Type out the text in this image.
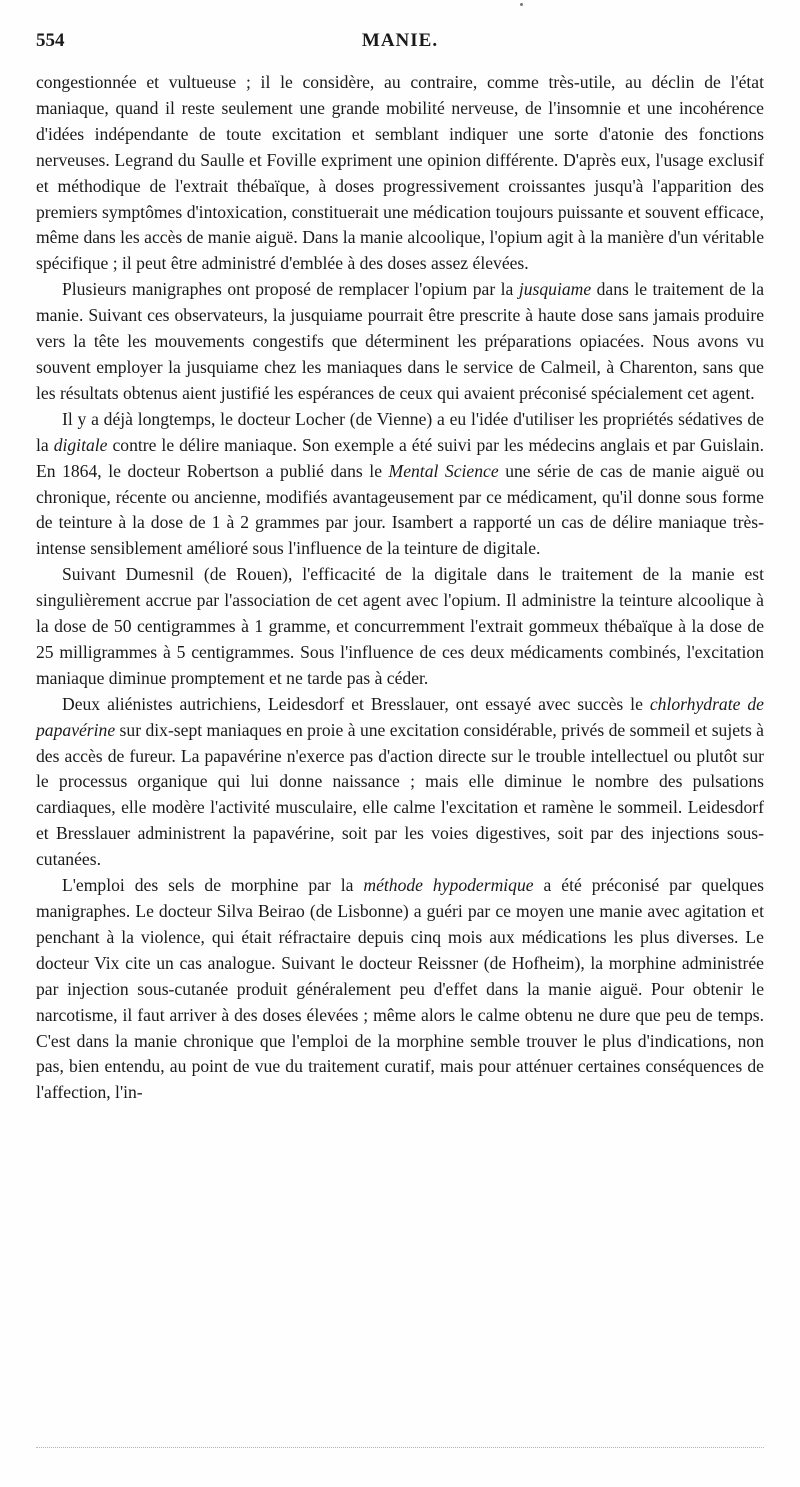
554	MANIE.

congestionnée et vultueuse ; il le considère, au contraire, comme très-utile, au déclin de l'état maniaque, quand il reste seulement une grande mobilité nerveuse, de l'insomnie et une incohérence d'idées indépendante de toute excitation et semblant indiquer une sorte d'atonie des fonctions nerveuses. Legrand du Saulle et Foville expriment une opinion différente. D'après eux, l'usage exclusif et méthodique de l'extrait thébaïque, à doses progressivement croissantes jusqu'à l'apparition des premiers symptômes d'intoxication, constituerait une médication toujours puissante et souvent efficace, même dans les accès de manie aiguë. Dans la manie alcoolique, l'opium agit à la manière d'un véritable spécifique ; il peut être administré d'emblée à des doses assez élevées.

Plusieurs manigraphes ont proposé de remplacer l'opium par la jusquiame dans le traitement de la manie. Suivant ces observateurs, la jusquiame pourrait être prescrite à haute dose sans jamais produire vers la tête les mouvements congestifs que déterminent les préparations opiacées. Nous avons vu souvent employer la jusquiame chez les maniaques dans le service de Calmeil, à Charenton, sans que les résultats obtenus aient justifié les espérances de ceux qui avaient préconisé spécialement cet agent.

Il y a déjà longtemps, le docteur Locher (de Vienne) a eu l'idée d'utiliser les propriétés sédatives de la digitale contre le délire maniaque. Son exemple a été suivi par les médecins anglais et par Guislain. En 1864, le docteur Robertson a publié dans le Mental Science une série de cas de manie aiguë ou chronique, récente ou ancienne, modifiés avantageusement par ce médicament, qu'il donne sous forme de teinture à la dose de 1 à 2 grammes par jour. Isambert a rapporté un cas de délire maniaque très-intense sensiblement amélioré sous l'influence de la teinture de digitale.

Suivant Dumesnil (de Rouen), l'efficacité de la digitale dans le traitement de la manie est singulièrement accrue par l'association de cet agent avec l'opium. Il administre la teinture alcoolique à la dose de 50 centigrammes à 1 gramme, et concurremment l'extrait gommeux thébaïque à la dose de 25 milligrammes à 5 centigrammes. Sous l'influence de ces deux médicaments combinés, l'excitation maniaque diminue promptement et ne tarde pas à céder.

Deux aliénistes autrichiens, Leidesdorf et Bresslauer, ont essayé avec succès le chlorhydrate de papavérine sur dix-sept maniaques en proie à une excitation considérable, privés de sommeil et sujets à des accès de fureur. La papavérine n'exerce pas d'action directe sur le trouble intellectuel ou plutôt sur le processus organique qui lui donne naissance ; mais elle diminue le nombre des pulsations cardiaques, elle modère l'activité musculaire, elle calme l'excitation et ramène le sommeil. Leidesdorf et Bresslauer administrent la papavérine, soit par les voies digestives, soit par des injections sous-cutanées.

L'emploi des sels de morphine par la méthode hypodermique a été préconisé par quelques manigraphes. Le docteur Silva Beirao (de Lisbonne) a guéri par ce moyen une manie avec agitation et penchant à la violence, qui était réfractaire depuis cinq mois aux médications les plus diverses. Le docteur Vix cite un cas analogue. Suivant le docteur Reissner (de Hofheim), la morphine administrée par injection sous-cutanée produit généralement peu d'effet dans la manie aiguë. Pour obtenir le narcotisme, il faut arriver à des doses élevées ; même alors le calme obtenu ne dure que peu de temps. C'est dans la manie chronique que l'emploi de la morphine semble trouver le plus d'indications, non pas, bien entendu, au point de vue du traitement curatif, mais pour atténuer certaines conséquences de l'affection, l'in-
